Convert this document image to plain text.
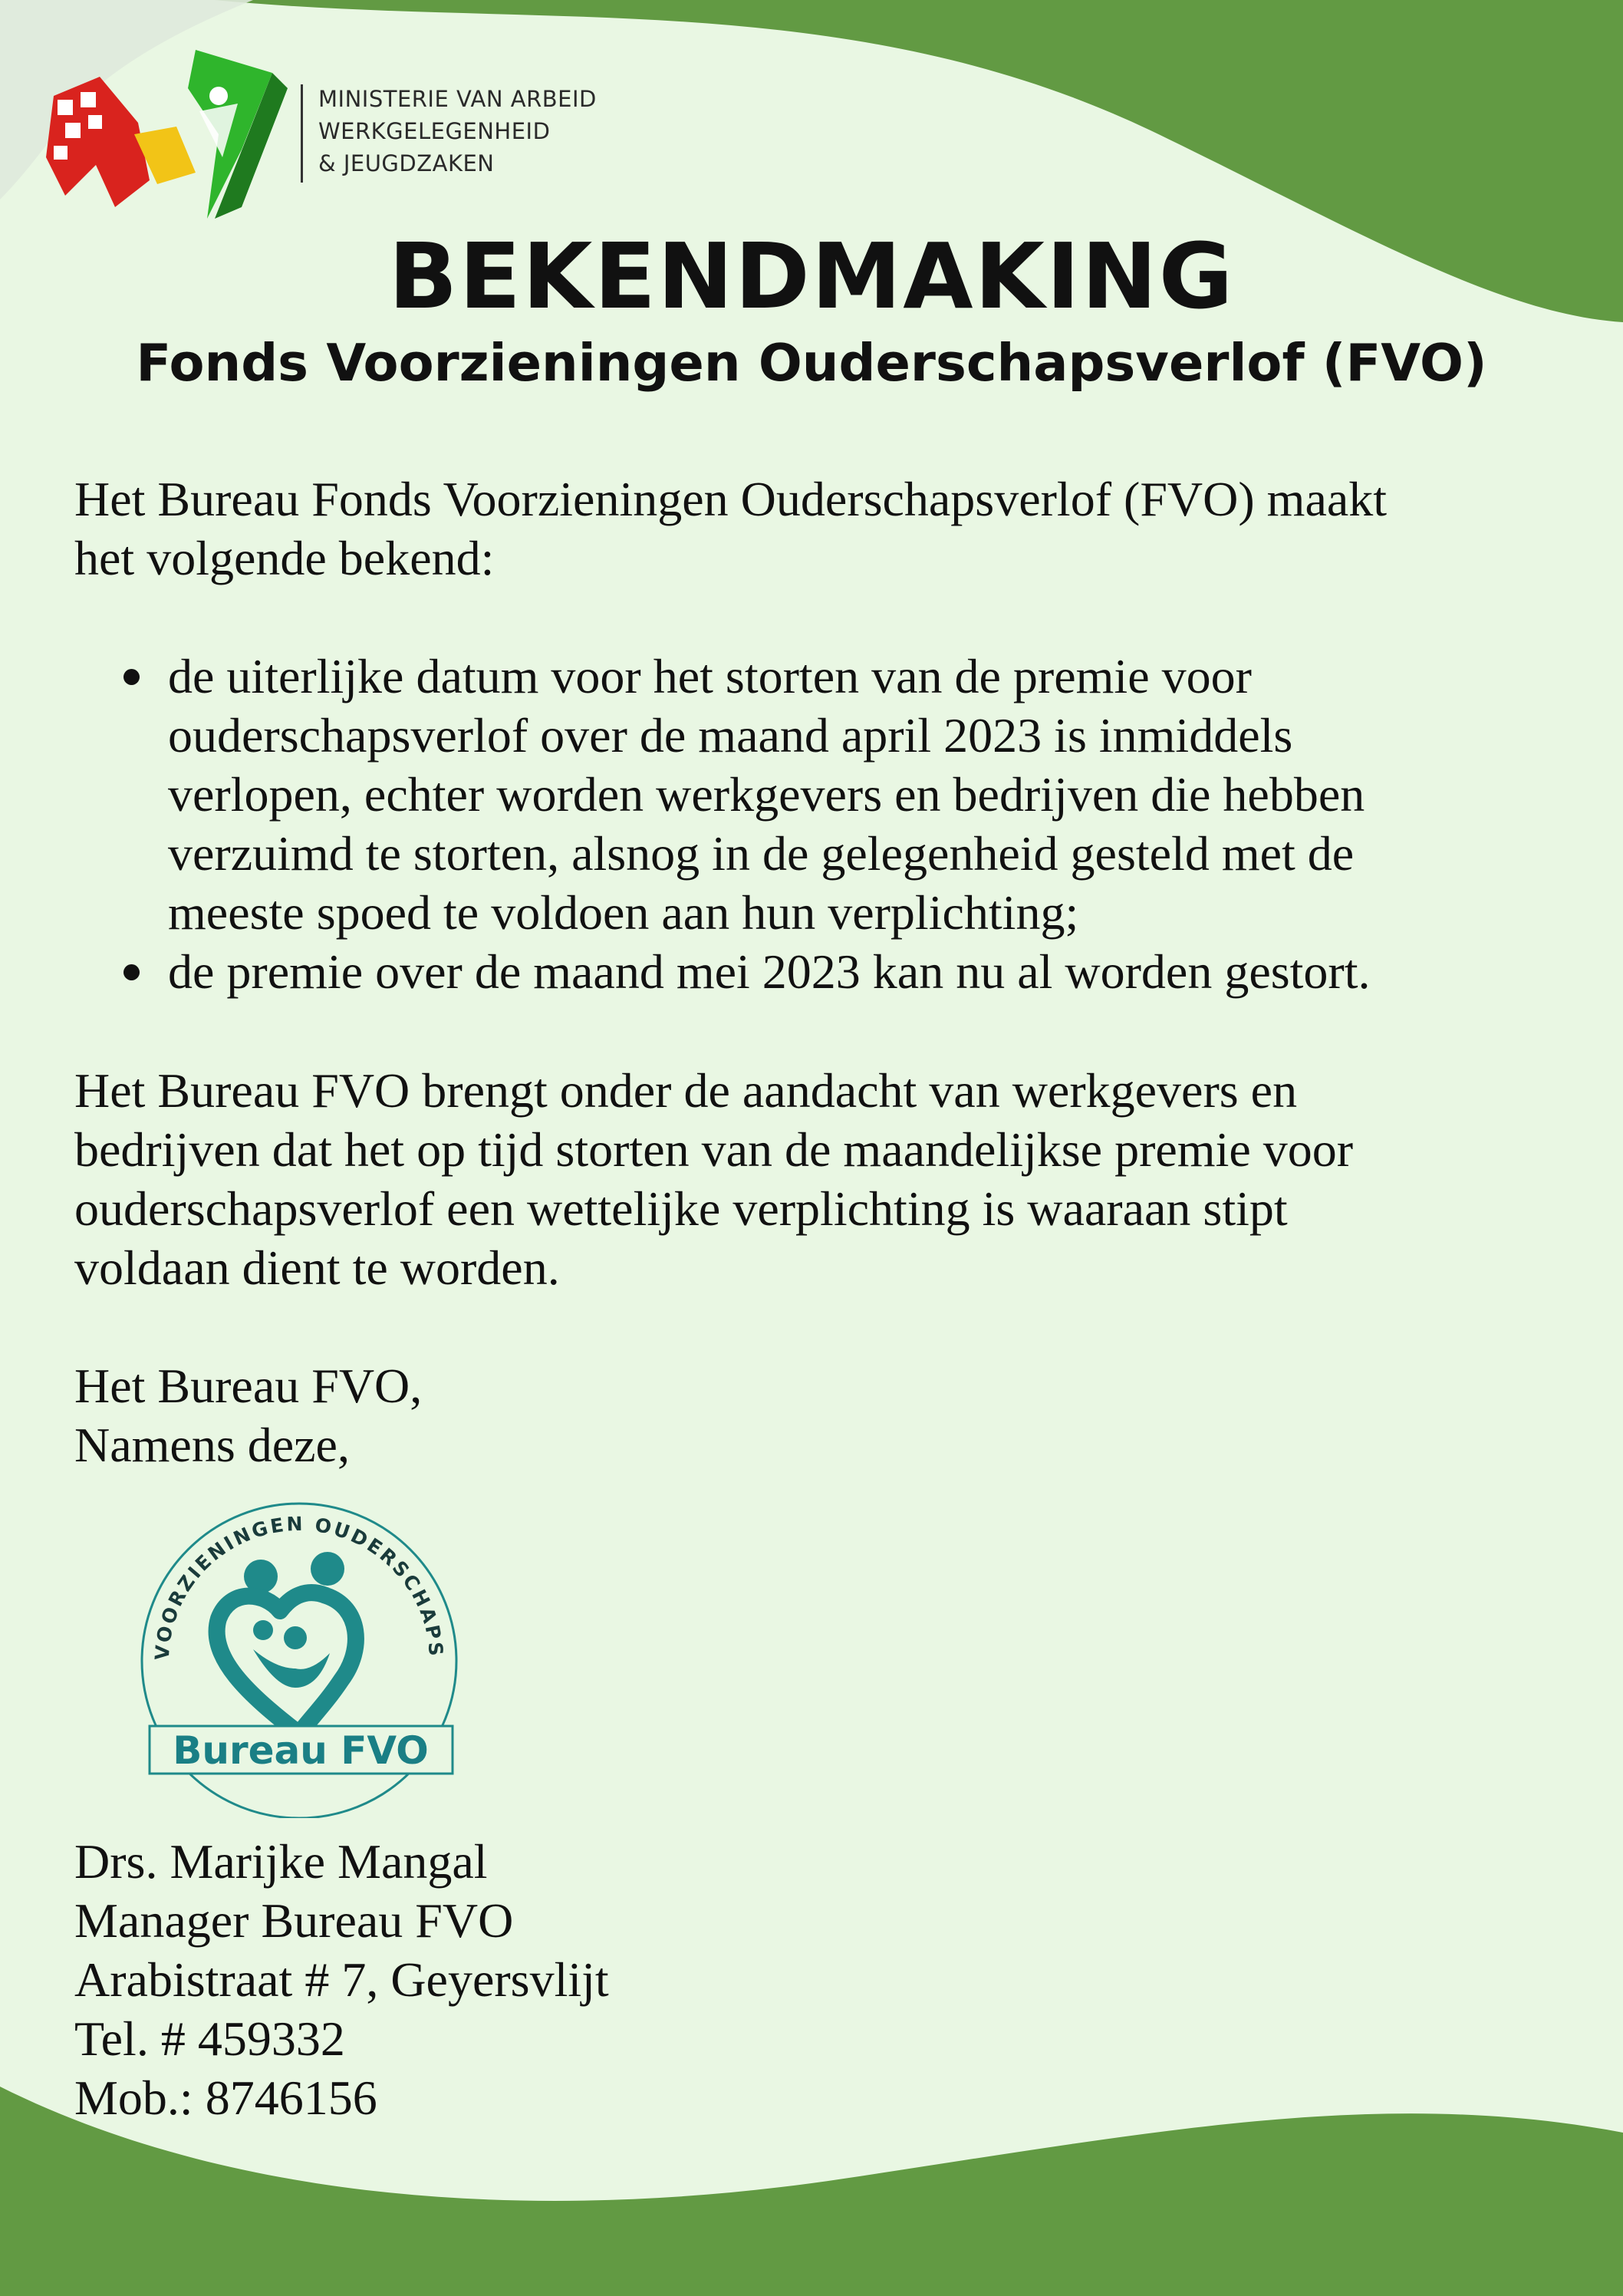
MINISTERIE VAN ARBEID
WERKGELEGENHEID
& JEUGDZAKEN
BEKENDMAKING
Fonds Voorzieningen Ouderschapsverlof (FVO)
Het Bureau Fonds Voorzieningen Ouderschapsverlof (FVO) maakt
het volgende bekend:
de uiterlijke datum voor het storten van de premie voor
ouderschapsverlof over de maand april 2023 is inmiddels
verlopen, echter worden werkgevers en bedrijven die hebben
verzuimd te storten, alsnog in de gelegenheid gesteld met de
meeste spoed te voldoen aan hun verplichting;
de premie over de maand mei 2023 kan nu al worden gestort.
Het Bureau FVO brengt onder de aandacht van werkgevers en
bedrijven dat het op tijd storten van de maandelijkse premie voor
ouderschapsverlof een wettelijke verplichting is waaraan stipt
voldaan dient te worden.
Het Bureau FVO,
Namens deze,
VOORZIENINGEN OUDERSCHAPS
Bureau FVO
Drs. Marijke Mangal
Manager Bureau FVO
Arabistraat # 7, Geyersvlijt
Tel. # 459332
Mob.: 8746156
